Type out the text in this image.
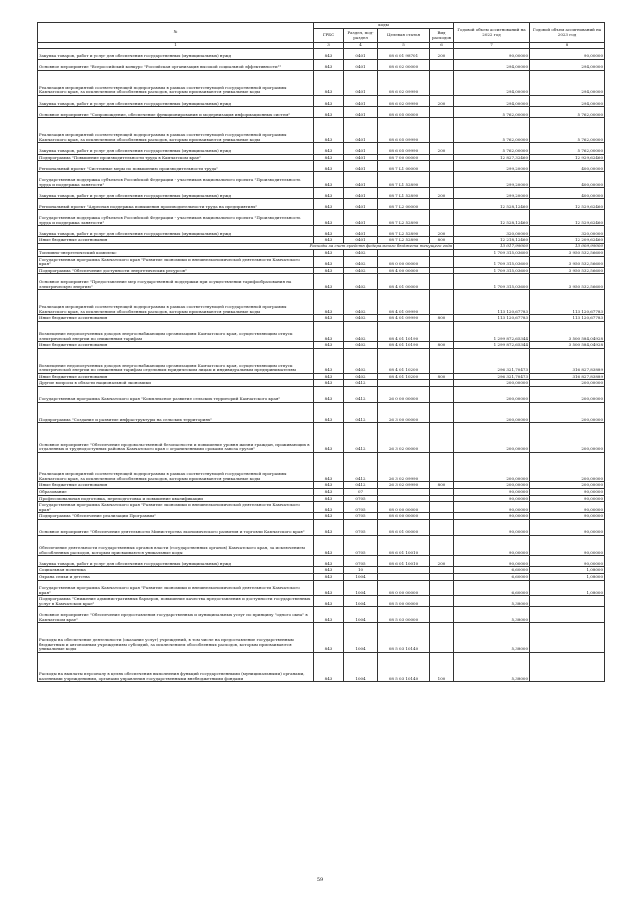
№	коды				Годовой объем ассигнований на 2022 год	Годовой объем ассигнований на 2023 год
	ГРБС	Раздел, под-раздел	Целевая статья	Вид расходов		
1	3	4	5	6	7	8
Закупка товаров, работ и услуг для обеспечения государственных (муниципальных) нужд	843	0401	08 6 01 98701	200	90,00000	90,00000
Основное мероприятие "Всероссийский конкурс "Российская организация высокой социальной эффективности""	843	0401	08 6 02 00000		294,00000	294,00000
Реализация мероприятий соответствующей подпрограммы в рамках соответствующей государственной программы Камчатского края, за исключением обособленных расходов, которым присваиваются уникальные коды	843	0401	08 6 02 09990		294,00000	294,00000
Закупка товаров, работ и услуг для обеспечения государственных (муниципальных) нужд	843	0401	08 6 02 09990	200	294,00000	294,00000
Основное мероприятие "Сопровождение, обеспечение функционирования и модернизация информационных систем"	843	0401	08 6 05 00000		5 762,00000	5 762,00000
Реализация мероприятий соответствующей подпрограммы в рамках соответствующей государственной программы Камчатского края, за исключением обособленных расходов, которым присваиваются уникальные коды	843	0401	08 6 05 09990		5 762,00000	5 762,00000
Закупка товаров, работ и услуг для обеспечения государственных (муниципальных) нужд	843	0401	08 6 05 09990	200	5 762,00000	5 762,00000
Подпрограмма "Повышение производительности труда в Камчатском крае"	843	0401	08 7 00 00000		12 827,32460	12 929,62460
Региональный проект "Системные меры по повышению производительности труда"	843	0401	08 7 L1 00000		299,20000	400,00000
Государственная поддержка субъектов Российской Федерации - участников национального проекта "Производительность труда и поддержка занятости"	843	0401	08 7 L1 52890		299,20000	400,00000
Закупка товаров, работ и услуг для обеспечения государственных (муниципальных) нужд	843	0401	08 7 L1 52890	200	299,20000	400,00000
Региональный проект "Адресная поддержка повышения производительности труда на предприятиях"	843	0401	08 7 L2 00000		12 528,12460	12 529,62460
Государственная поддержка субъектов Российской Федерации - участников национального проекта "Производительность труда и поддержка занятости"	843	0401	08 7 L2 52890		12 528,12460	12 529,62460
Закупка товаров, работ и услуг для обеспечения государственных (муниципальных) нужд	843	0401	08 7 L2 52890	200	320,00000	320,00000
Иные бюджетные ассигнования	843	0401	08 7 L2 52890	800	12 218,12460	12 209,62460
Расходы за счет средств федерального бюджета текущего года					13 017,99000	13 009,99000
Топливно-энергетический комплекс	843	0402			1 709 315,03600	3 950 532,56600
Государственная программа Камчатского края "Развитие экономики и внешнеэкономической деятельности Камчатского края"	843	0402	08 0 00 00000		1 709 315,03600	3 950 532,56600
Подпрограмма "Обеспечение доступности энергетических ресурсов"	843	0402	08 4 00 00000		1 709 315,03600	3 950 532,56600
Основное мероприятие "Предоставление мер государственной поддержки при осуществлении тарифообразования на электрическую энергию"	843	0402	08 4 01 00000		1 709 315,03600	3 950 532,56600
Реализация мероприятий соответствующей подпрограммы в рамках соответствующей государственной программы Камчатского края, за исключением обособленных расходов, которым присваиваются уникальные коды	843	0402	08 4 01 09990		113 120,67783	113 120,67783
Иные бюджетные ассигнования	843	0402	08 4 01 09990	800	113 120,67783	113 120,67783
Возмещение недополученных доходов энергоснабжающим организациям Камчатского края, осуществляющим отпуск электрической энергии по сниженным тарифам	843	0402	08 4 01 10190		1 299 872,65344	3 500 584,04928
Иные бюджетные ассигнования	843	0402	08 4 01 10190	800	1 299 872,65344	3 500 584,04928
Возмещение недополученных доходов энергоснабжающим организациям Камчатского края, осуществляющим отпуск электрической энергии по сниженным тарифам отдельным юридическим лицам и индивидуальным предпринимателям	843	0402	08 4 01 10200		296 321,70473	316 827,83889
Иные бюджетные ассигнования	843	0402	08 4 01 10200	800	296 321,70473	316 827,83889
Другие вопросы в области национальной экономики	843	0412			200,00000	200,00000
Государственная программа Камчатского края "Комплексное развитие сельских территорий Камчатского края"	843	0412	26 0 00 00000		200,00000	200,00000
Подпрограмма "Создание и развитие инфраструктуры на сельских территориях"	843	0412	26 3 00 00000		200,00000	200,00000
Основное мероприятие "Обеспечение продовольственной безопасности и повышение уровня жизни граждан, проживающих в отдаленных и труднодоступных районах Камчатского края с ограниченными сроками завоза грузов"	843	0412	26 3 02 00000		200,00000	200,00000
Реализация мероприятий соответствующей подпрограммы в рамках соответствующей государственной программы Камчатского края, за исключением обособленных расходов, которым присваиваются уникальные коды	843	0412	26 3 02 09990		200,00000	200,00000
Иные бюджетные ассигнования	843	0412	26 3 02 09990	800	200,00000	200,00000
Образование	843	07			90,00000	90,00000
Профессиональная подготовка, переподготовка и повышение квалификации	843	0705			90,00000	90,00000
Государственная программа Камчатского края "Развитие экономики и внешнеэкономической деятельности Камчатского края"	843	0705	08 0 00 00000		90,00000	90,00000
Подпрограмма "Обеспечение реализации Программы"	843	0705	08 6 00 00000		90,00000	90,00000
Основное мероприятие "Обеспечение деятельности Министерства экономического развития и торговли Камчатского края"	843	0705	08 6 01 00000		90,00000	90,00000
Обеспечение деятельности государственных органов власти (государственных органов) Камчатского края, за исключением обособленных расходов, которым присваиваются уникальные коды	843	0705	08 6 01 10010		90,00000	90,00000
Закупка товаров, работ и услуг для обеспечения государственных (муниципальных) нужд	843	0705	08 6 01 10010	200	90,00000	90,00000
Социальная политика	843	10			6,60000	1,08000
Охрана семьи и детства	843	1004			6,60000	1,08000
Государственная программа Камчатского края "Развитие экономики и внешнеэкономической деятельности Камчатского края"	843	1004	08 0 00 00000		6,60000	1,08000
Подпрограмма "Снижение административных барьеров, повышение качества предоставления и доступности государственных услуг в Камчатском крае"	843	1004	08 5 00 00000		5,38000	
Основное мероприятие "Обеспечение предоставления государственных и муниципальных услуг по принципу "одного окна" в Камчатском крае"	843	1004	08 5 03 00000		5,38000	
Расходы на обеспечение деятельности (оказание услуг) учреждений, в том числе на предоставление государственным бюджетным и автономным учреждениям субсидий, за исключением обособленных расходов, которым присваиваются уникальные коды	843	1004	08 5 03 10140		5,38000	
Расходы на выплаты персоналу в целях обеспечения выполнения функций государственными (муниципальными) органами, казенными учреждениями, органами управления государственными внебюджетными фондами	843	1004	08 5 03 10140	100	5,38000	
59
